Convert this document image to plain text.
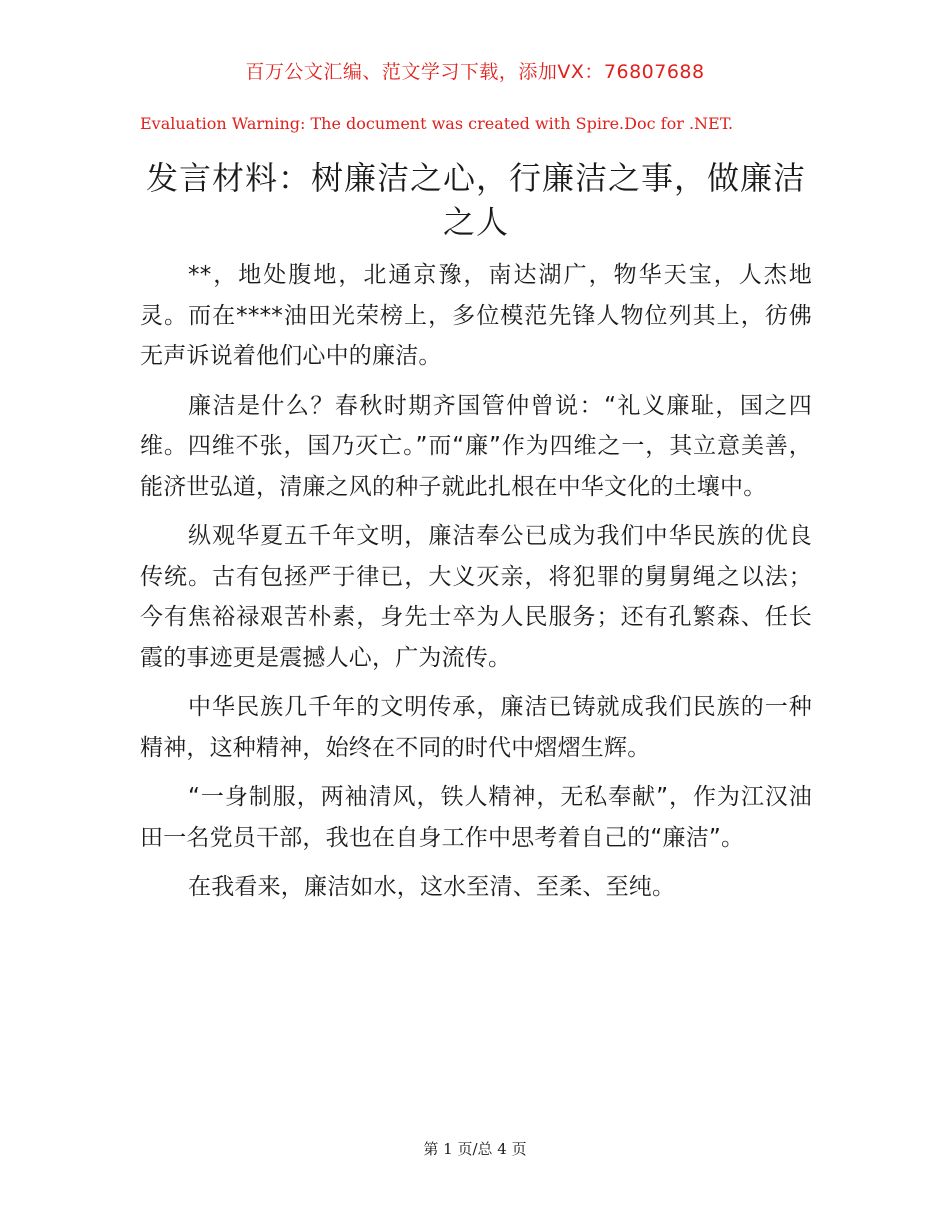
百万公文汇编、范文学习下载，添加VX：76807688
Evaluation Warning: The document was created with Spire.Doc for .NET.
发言材料：树廉洁之心，行廉洁之事，做廉洁之人

**，地处腹地，北通京豫，南达湖广，物华天宝，人杰地灵。而在****油田光荣榜上，多位模范先锋人物位列其上，彷佛无声诉说着他们心中的廉洁。

廉洁是什么？春秋时期齐国管仲曾说：“礼义廉耻，国之四维。四维不张，国乃灭亡。”而“廉”作为四维之一，其立意美善，能济世弘道，清廉之风的种子就此扎根在中华文化的土壤中。

纵观华夏五千年文明，廉洁奉公已成为我们中华民族的优良传统。古有包拯严于律已，大义灭亲，将犯罪的舅舅绳之以法；今有焦裕禄艰苦朴素，身先士卒为人民服务；还有孔繁森、任长霞的事迹更是震撼人心，广为流传。

中华民族几千年的文明传承，廉洁已铸就成我们民族的一种精神，这种精神，始终在不同的时代中熠熠生辉。

“一身制服，两袖清风，铁人精神，无私奉献”，作为江汉油田一名党员干部，我也在自身工作中思考着自己的“廉洁”。

在我看来，廉洁如水，这水至清、至柔、至纯。

第 1 页/总 4 页
